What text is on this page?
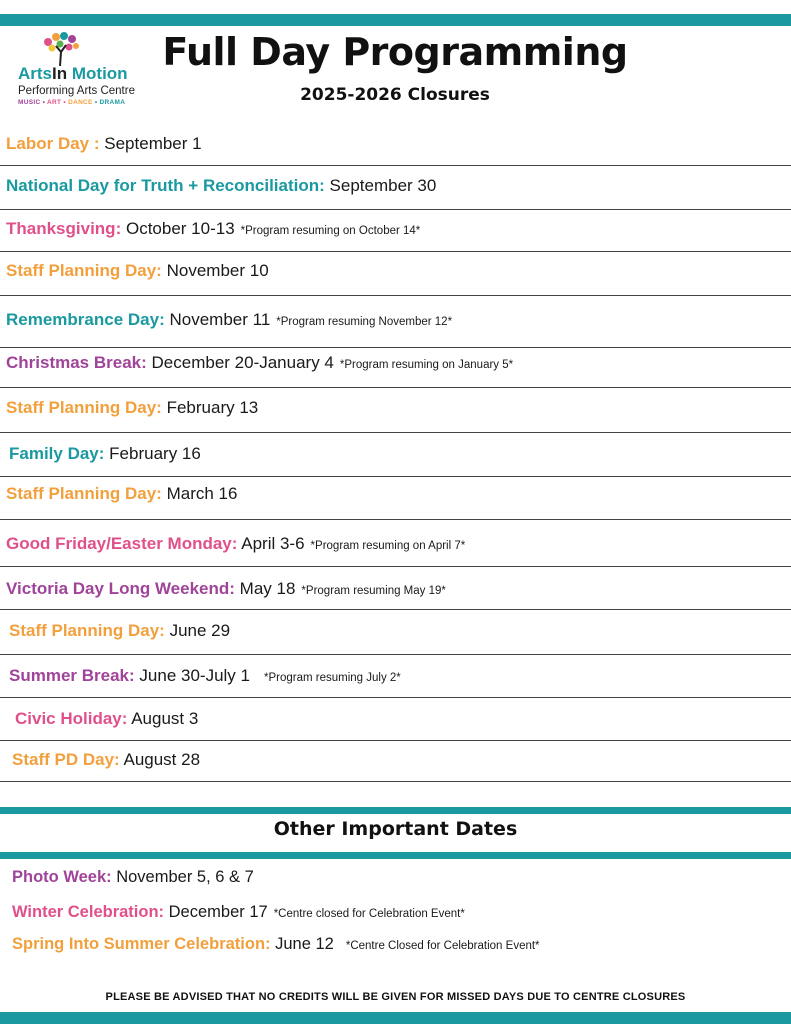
ArtsIn Motion
Performing Arts Centre
MUSIC • ART • DANCE • DRAMA
Full Day Programming
2025-2026 Closures
Labor Day : September 1
National Day for Truth + Reconciliation: September 30
Thanksgiving: October 10-13 *Program resuming on October 14*
Staff Planning Day: November 10
Remembrance Day: November 11 *Program resuming November 12*
Christmas Break: December 20-January 4 *Program resuming on January 5*
Staff Planning Day: February 13
Family Day: February 16
Staff Planning Day: March 16
Good Friday/Easter Monday: April 3-6 *Program resuming on April 7*
Victoria Day Long Weekend: May 18 *Program resuming May 19*
Staff Planning Day: June 29
Summer Break: June 30-July 1 *Program resuming July 2*
Civic Holiday: August 3
Staff PD Day: August 28
Other Important Dates
Photo Week: November 5, 6 & 7
Winter Celebration: December 17 *Centre closed for Celebration Event*
Spring Into Summer Celebration: June 12 *Centre Closed for Celebration Event*
PLEASE BE ADVISED THAT NO CREDITS WILL BE GIVEN FOR MISSED DAYS DUE TO CENTRE CLOSURES
